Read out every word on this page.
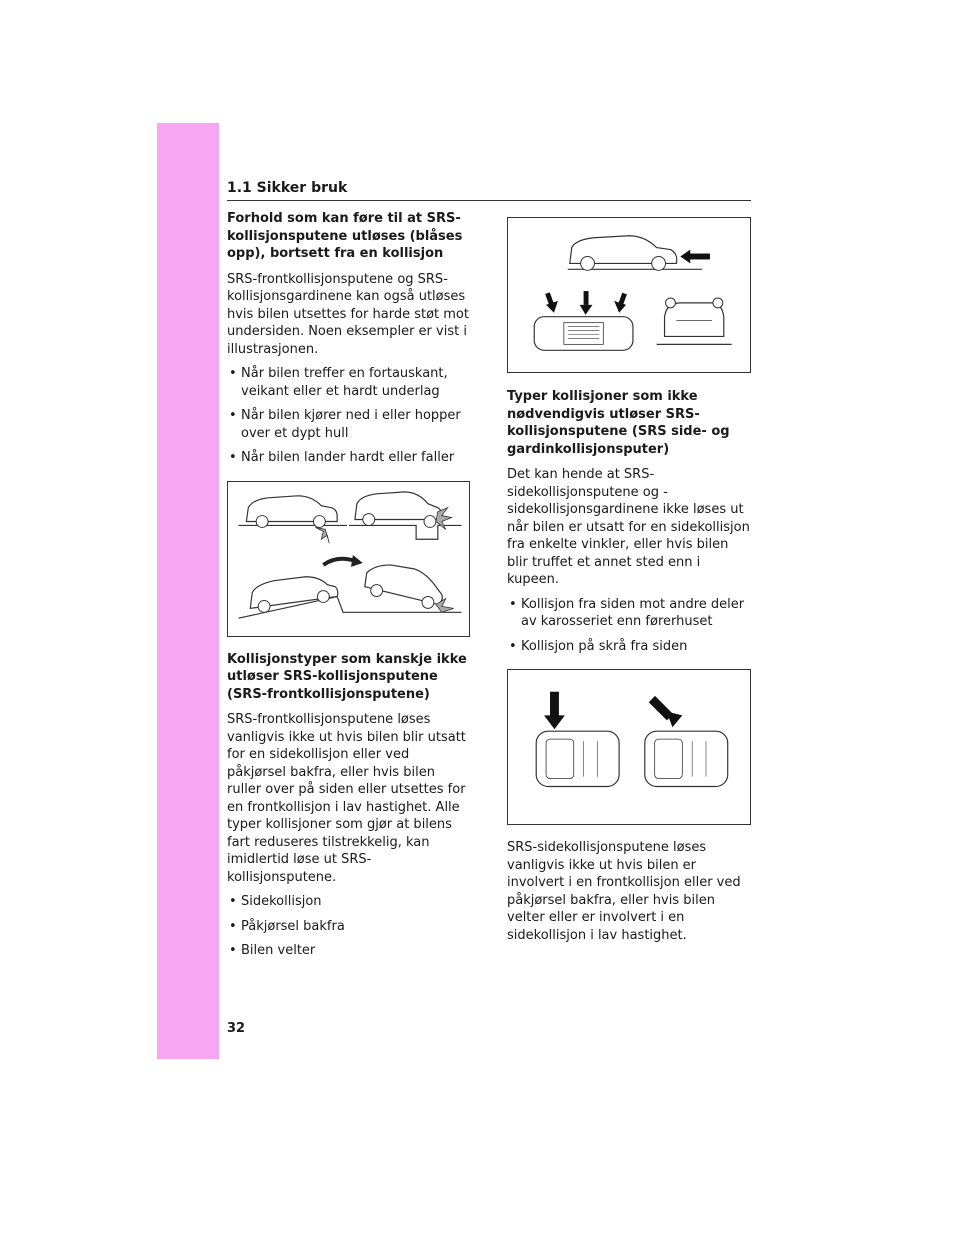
1.1 Sikker bruk
Forhold som kan føre til at SRS-kollisjonsputene utløses (blåses opp), bortsett fra en kollisjon

SRS-frontkollisjonsputene og SRS-kollisjonsgardinene kan også utløses hvis bilen utsettes for harde støt mot undersiden. Noen eksempler er vist i illustrasjonen.

• Når bilen treffer en fortauskant, veikant eller et hardt underlag
• Når bilen kjører ned i eller hopper over et dypt hull
• Når bilen lander hardt eller faller
Kollisjonstyper som kanskje ikke utløser SRS-kollisjonsputene (SRS-frontkollisjonsputene)

SRS-frontkollisjonsputene løses vanligvis ikke ut hvis bilen blir utsatt for en sidekollisjon eller ved påkjørsel bakfra, eller hvis bilen ruller over på siden eller utsettes for en frontkollisjon i lav hastighet. Alle typer kollisjoner som gjør at bilens fart reduseres tilstrekkelig, kan imidlertid løse ut SRS-kollisjonsputene.

• Sidekollisjon
• Påkjørsel bakfra
• Bilen velter
Typer kollisjoner som ikke nødvendigvis utløser SRS-kollisjonsputene (SRS side- og gardinkollisjonsputer)

Det kan hende at SRS-sidekollisjonsputene og -sidekollisjonsgardinene ikke løses ut når bilen er utsatt for en sidekollisjon fra enkelte vinkler, eller hvis bilen blir truffet et annet sted enn i kupeen.

• Kollisjon fra siden mot andre deler av karosseriet enn førerhuset
• Kollisjon på skrå fra siden

SRS-sidekollisjonsputene løses vanligvis ikke ut hvis bilen er involvert i en frontkollisjon eller ved påkjørsel bakfra, eller hvis bilen velter eller er involvert i en sidekollisjon i lav hastighet.

32
